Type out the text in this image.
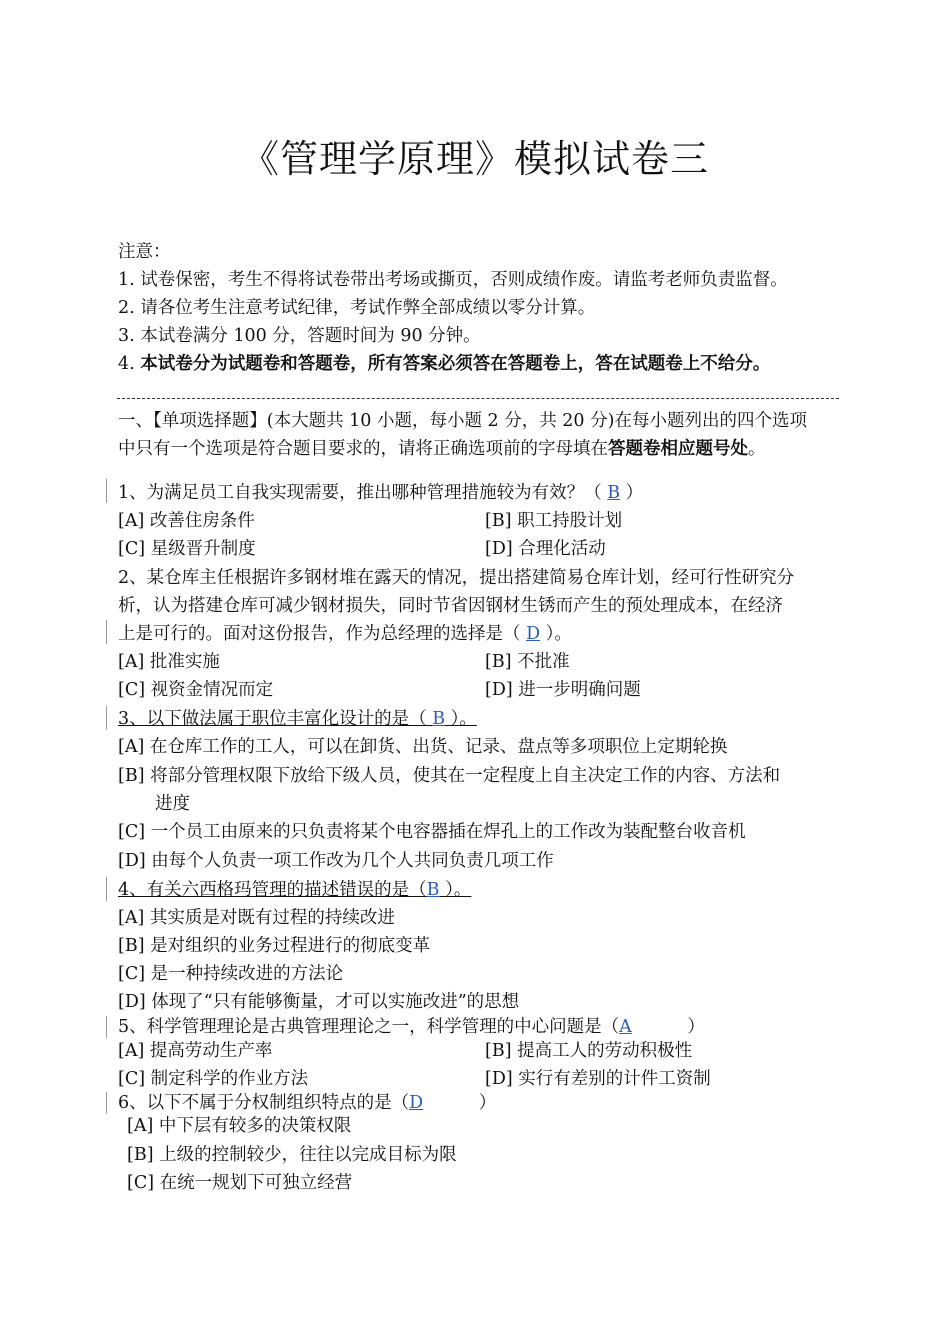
《管理学原理》模拟试卷三
注意：
1. 试卷保密，考生不得将试卷带出考场或撕页，否则成绩作废。请监考老师负责监督。
2. 请各位考生注意考试纪律，考试作弊全部成绩以零分计算。
3. 本试卷满分 100 分，答题时间为 90 分钟。
4. 本试卷分为试题卷和答题卷，所有答案必须答在答题卷上，答在试题卷上不给分。
一、【单项选择题】(本大题共 10 小题，每小题 2 分，共 20 分)在每小题列出的四个选项
中只有一个选项是符合题目要求的，请将正确选项前的字母填在答题卷相应题号处。
1、为满足员工自我实现需要，推出哪种管理措施较为有效？（ B ）
[A] 改善住房条件	[B] 职工持股计划
[C] 星级晋升制度	[D] 合理化活动
2、某仓库主任根据许多钢材堆在露天的情况，提出搭建简易仓库计划，经可行性研究分
析，认为搭建仓库可减少钢材损失，同时节省因钢材生锈而产生的预处理成本，在经济
上是可行的。面对这份报告，作为总经理的选择是（ D ）。
[A] 批准实施	[B] 不批准
[C] 视资金情况而定	[D] 进一步明确问题
3、以下做法属于职位丰富化设计的是（ B ）。
[A] 在仓库工作的工人，可以在卸货、出货、记录、盘点等多项职位上定期轮换
[B] 将部分管理权限下放给下级人员，使其在一定程度上自主决定工作的内容、方法和
进度
[C] 一个员工由原来的只负责将某个电容器插在焊孔上的工作改为装配整台收音机
[D] 由每个人负责一项工作改为几个人共同负责几项工作
4、有关六西格玛管理的描述错误的是（B ）。
[A] 其实质是对既有过程的持续改进
[B] 是对组织的业务过程进行的彻底变革
[C] 是一种持续改进的方法论
[D] 体现了“只有能够衡量，才可以实施改进”的思想
5、科学管理理论是古典管理理论之一，科学管理的中心问题是（A	）
[A] 提高劳动生产率	[B] 提高工人的劳动积极性
[C] 制定科学的作业方法	[D] 实行有差别的计件工资制
6、以下不属于分权制组织特点的是（D	）
[A] 中下层有较多的决策权限
[B] 上级的控制较少，往往以完成目标为限
[C] 在统一规划下可独立经营
